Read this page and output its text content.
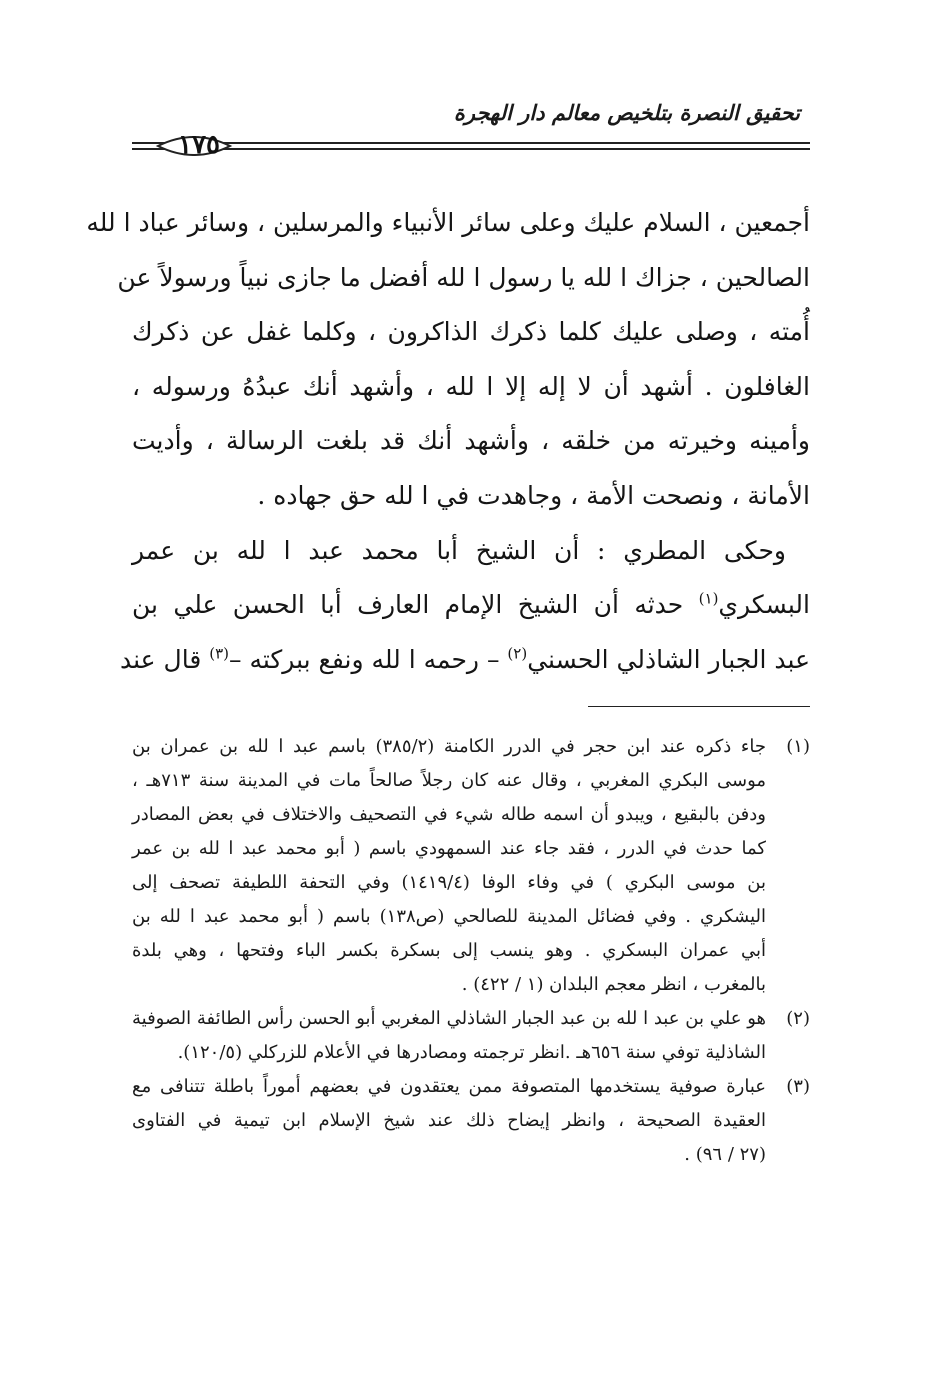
تحقيق النصرة بتلخيص معالم دار الهجرة
١٧٥
أجمعين ، السلام عليك وعلى سائر الأنبياء والمرسلين ، وسائر عباد ا لله
الصالحين ، جزاك ا لله يا رسول ا لله أفضل ما جازى نبياً ورسولاً عن
أُمته ، وصلى عليك كلما ذكرك الذاكرون ، وكلما غفل عن ذكرك
الغافلون . أشهد أن لا إله إلا ا لله ، وأشهد أنك عبدُهُ ورسوله ،
وأمينه وخيرته من خلقه ، وأشهد أنك قد بلغت الرسالة ، وأديت
الأمانة ، ونصحت الأمة ، وجاهدت في ا لله حق جهاده .
وحكى المطري : أن الشيخ أبا محمد عبد ا لله بن عمر
البسكري$^{(١)}$ حدثه أن الشيخ الإمام العارف أبا الحسن علي بن
عبد الجبار الشاذلي الحسني$^{(٢)}$ – رحمه ا لله ونفع ببركته –$^{(٣)}$ قال عند
(١)
جاء ذكره عند ابن حجر في الدرر الكامنة (٣٨٥/٢) باسم عبد ا لله بن عمران بن
موسى البكري المغربي ، وقال عنه كان رجلاً صالحاً مات في المدينة سنة ٧١٣هـ ،
ودفن بالبقيع ، ويبدو أن اسمه طاله شيء في التصحيف والاختلاف في بعض المصادر
كما حدث في الدرر ، فقد جاء عند السمهودي باسم ( أبو محمد عبد ا لله بن عمر
بن موسى البكري ) في وفاء الوفا (١٤١٩/٤) وفي التحفة اللطيفة تصحف إلى
اليشكري . وفي فضائل المدينة للصالحي (ص١٣٨) باسم ( أبو محمد عبد ا لله بن
أبي عمران البسكري . وهو ينسب إلى بسكرة بكسر الباء وفتحها ، وهي بلدة
بالمغرب ، انظر معجم البلدان (١ / ٤٢٢) .
(٢)
هو علي بن عبد ا لله بن عبد الجبار الشاذلي المغربي أبو الحسن رأس الطائفة الصوفية
الشاذلية توفي سنة ٦٥٦هـ .انظر ترجمته ومصادرها في الأعلام للزركلي (١٢٠/٥).
(٣)
عبارة صوفية يستخدمها المتصوفة ممن يعتقدون في بعضهم أموراً باطلة تتنافى مع
العقيدة الصحيحة ، وانظر إيضاح ذلك عند شيخ الإسلام ابن تيمية في الفتاوى
(٢٧ / ٩٦) .
